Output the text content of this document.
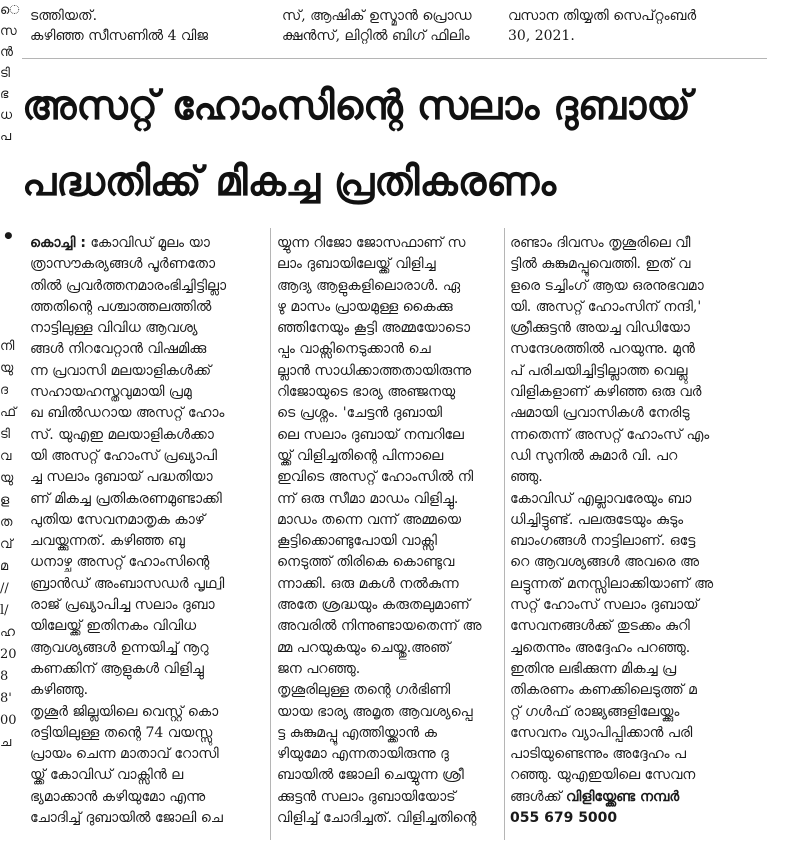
െ
സ
ൻ
ടി
ഭ
ധ
പ
നി
യു
ദ
ഫ്
ടി
വ
യു
ള
ത
വ്
മ
//
l/
ഹ
20
8
8'
00
ച
•

ടത്തിയത്.
കഴിഞ്ഞ സീസണിൽ 4 വിജ

സ്, ആഷിക് ഉസ്മാൻ പ്രൊഡ
ക്ഷൻസ്, ലിറ്റിൽ ബിഗ് ഫിലിം

വസാന തിയ്യതി സെപ്റ്റംബർ
30, 2021.
അസറ്റ് ഹോംസിന്റെ സലാം ദുബായ്
പദ്ധതിക്ക് മികച്ച പ്രതികരണം
കൊച്ചി : കോവിഡ് മൂലം യാ
ത്രാസൗകര്യങ്ങൾ പൂർണതോ
തിൽ പ്രവർത്തനമാരംഭിച്ചിട്ടില്ലാ
ത്തതിന്റെ പശ്ചാത്തലത്തിൽ
നാട്ടിലുള്ള വിവിധ ആവശ്യ
ങ്ങൾ നിറവേറ്റാൻ വിഷമിക്കു
ന്ന പ്രവാസി മലയാളികൾക്ക്
സഹായഹസ്തവുമായി പ്രമു
ഖ ബിൽഡറായ അസറ്റ് ഹോം
സ്. യുഎഇ മലയാളികൾക്കാ
യി അസറ്റ് ഹോംസ് പ്രഖ്യാപി
ച്ച സലാം ദുബായ് പദ്ധതിയാ
ണ് മികച്ച പ്രതികരണമുണ്ടാക്കി
പുതിയ സേവനമാതൃക കാഴ്
ചവയ്ക്കുന്നത്. കഴിഞ്ഞ ബു
ധനാഴ്ച അസറ്റ് ഹോംസിന്റെ
ബ്രാൻഡ് അംബാസഡർ പൃഥ്വി
രാജ് പ്രഖ്യാപിച്ച സലാം ദുബാ
യിലേയ്ക്ക് ഇതിനകം വിവിധ
ആവശ്യങ്ങൾ ഉന്നയിച്ച് നൂറു
കണക്കിന് ആളുകൾ വിളിച്ചു
കഴിഞ്ഞു.
തൃശൂർ ജില്ലയിലെ വെസ്റ്റ് കൊ
രട്ടിയിലുള്ള തന്റെ 74 വയസ്സു
പ്രായം ചെന്ന മാതാവ് റോസി
യ്ക്ക് കോവിഡ് വാക്സിൻ ല
ഭ്യമാക്കാൻ കഴിയുമോ എന്നു
ചോദിച്ച് ദുബായിൽ ജോലി ചെ
യ്യുന്ന റിജോ ജോസഫാണ് സ
ലാം ദുബായിലേയ്ക്ക് വിളിച്ച
ആദ്യ ആളുകളിലൊരാൾ. ഏ
ഴു മാസം പ്രായമുള്ള കൈക്കു
ഞ്ഞിനേയും കൂട്ടി അമ്മയോടൊ
പ്പം വാക്സിനെടുക്കാൻ ചെ
ല്ലാൻ സാധിക്കാത്തതായിരുന്നു
റിജോയുടെ ഭാര്യ അഞ്ജനയു
ടെ പ്രശ്നം. 'ചേട്ടൻ ദുബായി
ലെ സലാം ദുബായ് നമ്പറിലേ
യ്ക്ക് വിളിച്ചതിന്റെ പിന്നാലെ
ഇവിടെ അസറ്റ് ഹോംസിൽ നി
ന്ന് ഒരു സീമാ മാഡം വിളിച്ചു.
മാഡം തന്നെ വന്ന് അമ്മയെ
കൂട്ടിക്കൊണ്ടുപോയി വാക്സി
നെടുത്ത് തിരികെ കൊണ്ടുവ
ന്നാക്കി. ഒരു മകൾ നൽകുന്ന
അതേ ശ്രദ്ധയും കരുതലുമാണ്
അവരിൽ നിന്നുണ്ടായതെന്ന് അ
മ്മ പറയുകയും ചെയ്തു.അഞ്
ജന പറഞ്ഞു.
തൃശൂരിലുള്ള തന്റെ ഗർഭിണി
യായ ഭാര്യ അമൃത ആവശ്യപ്പെ
ട്ട കുങ്കുമപ്പൂ എത്തിയ്ക്കാൻ ക
ഴിയുമോ എന്നതായിരുന്നു ദു
ബായിൽ ജോലി ചെയ്യുന്ന ശ്രീ
ക്കുട്ടൻ സലാം ദുബായിയോട്
വിളിച്ച് ചോദിച്ചത്. വിളിച്ചതിന്റെ
രണ്ടാം ദിവസം തൃശൂരിലെ വീ
ട്ടിൽ കുങ്കുമപ്പൂവെത്തി. ഇത് വ
ളരെ ടച്ചിംഗ് ആയ ഒരനുഭവമാ
യി. അസറ്റ് ഹോംസിന് നന്ദി,'
ശ്രീക്കുട്ടൻ അയച്ച വിഡിയോ
സന്ദേശത്തിൽ പറയുന്നു. മുൻ
പ് പരിചയിച്ചിട്ടില്ലാത്ത വെല്ലു
വിളികളാണ് കഴിഞ്ഞ ഒരു വർ
ഷമായി പ്രവാസികൾ നേരിടു
ന്നതെന്ന് അസറ്റ് ഹോംസ് എം
ഡി സുനിൽ കുമാർ വി. പറ
ഞ്ഞു.
കോവിഡ് എല്ലാവരേയും ബാ
ധിച്ചിട്ടുണ്ട്. പലരുടേയും കുടും
ബാംഗങ്ങൾ നാട്ടിലാണ്. ഒട്ടേ
റെ ആവശ്യങ്ങൾ അവരെ അ
ലട്ടുന്നത് മനസ്സിലാക്കിയാണ് അ
സറ്റ് ഹോംസ് സലാം ദുബായ്
സേവനങ്ങൾക്ക് തുടക്കം കുറി
ച്ചതെന്നും അദ്ദേഹം പറഞ്ഞു.
ഇതിനു ലഭിക്കുന്ന മികച്ച പ്ര
തികരണം കണക്കിലെടുത്ത് മ
റ്റ് ഗൾഫ് രാജ്യങ്ങളിലേയ്ക്കും
സേവനം വ്യാപിപ്പിക്കാൻ പരി
പാടിയുണ്ടെന്നും അദ്ദേഹം പ
റഞ്ഞു. യുഎഇയിലെ സേവന
ങ്ങൾക്ക് വിളിയ്ക്കേണ്ട നമ്പർ
055 679 5000
